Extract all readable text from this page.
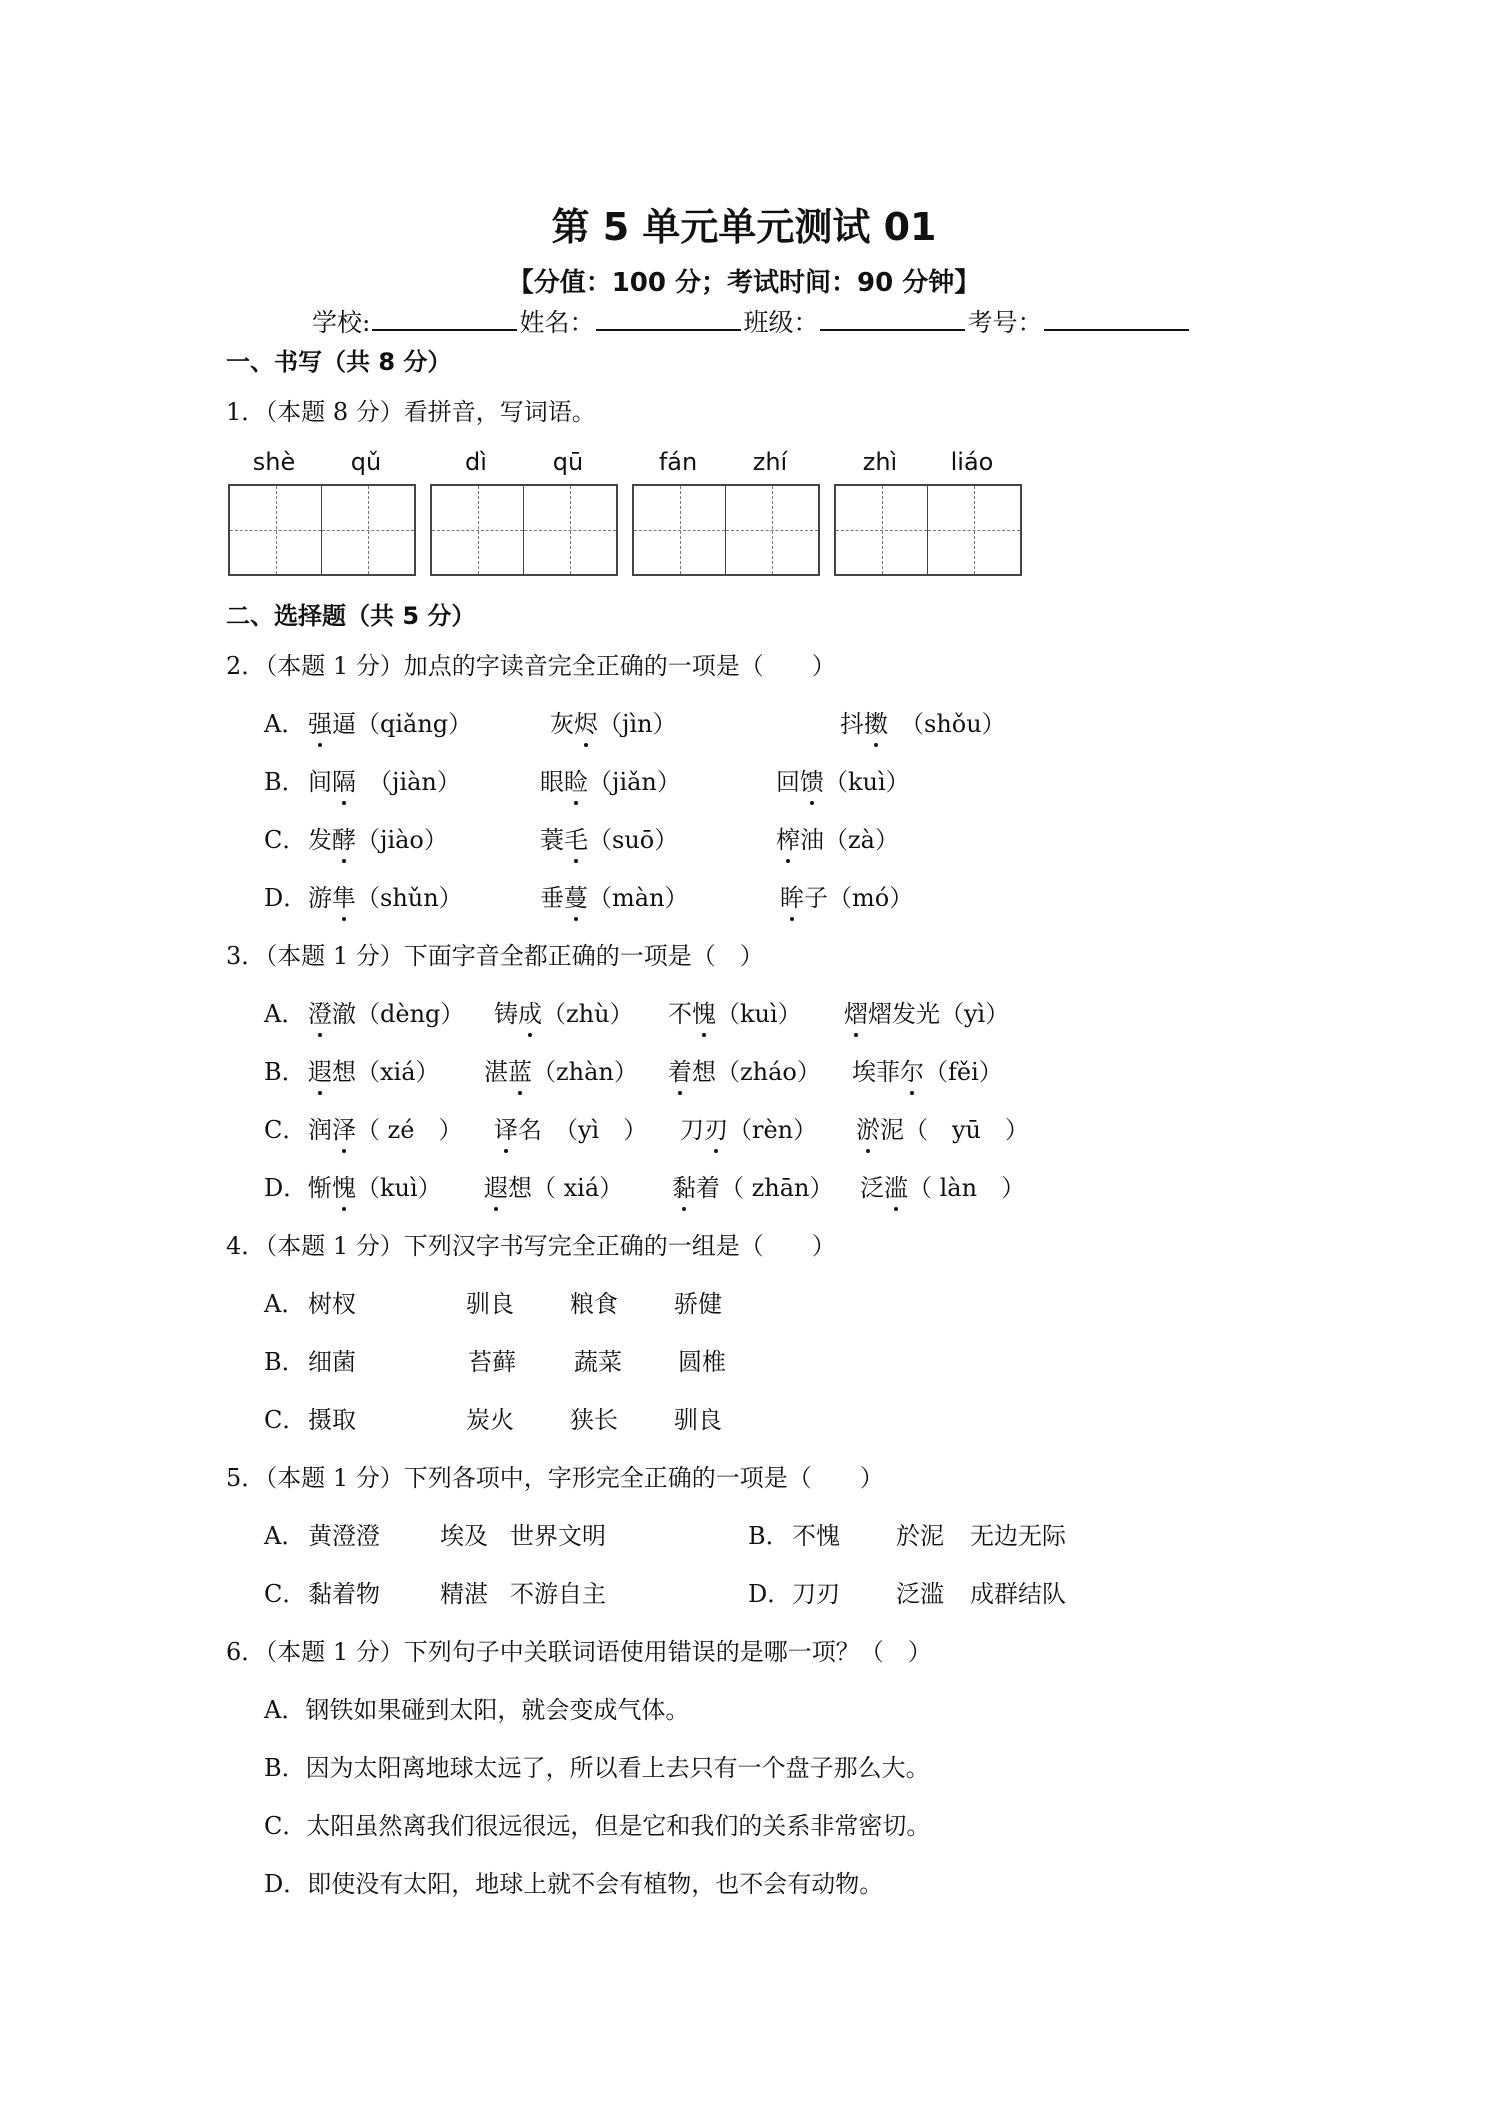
第 5 单元单元测试 01
【分值：100 分；考试时间：90 分钟】
学校:	姓名：	班级：	考号：
一、书写（共 8 分）
1．（本题 8 分）看拼音，写词语。
shè	qǔ	dì	qū	fán	zhí	zhì	liáo
二、选择题（共 5 分）
2．（本题 1 分）加点的字读音完全正确的一项是（　　）
A． 强逼（qiǎng）	灰烬（jìn）	抖擞　（shǒu）
B． 间隔　（jiàn）	眼睑（jiǎn）	回馈（kuì）
C． 发酵（jiào）	蓑毛（suō）	榨油（zà）
D． 游隼（shǔn）	垂蔓（màn）	眸子（mó）
3．（本题 1 分）下面字音全都正确的一项是（　）
A． 澄澈（dèng） 铸成（zhù） 不愧（kuì） 熠熠发光（yì）
B． 遐想（xiá） 湛蓝（zhàn） 着想（zháo） 埃菲尔（fěi）
C． 润泽（ zé　） 译名　（yì　） 刀刃（rèn） 淤泥（　yū　）
D． 惭愧（kuì） 遐想（ xiá） 黏着（ zhān） 泛滥（ làn　）
4．（本题 1 分）下列汉字书写完全正确的一组是（　　）
A． 树杈	驯良 粮食 骄健
B． 细菌	苔藓 蔬菜 圆椎
C． 摄取	炭火 狭长 驯良
5．（本题 1 分）下列各项中，字形完全正确的一项是（　　）
A． 黄澄澄	埃及 世界文明	B． 不愧 於泥 无边无际
C． 黏着物	精湛 不游自主	D． 刀刃 泛滥 成群结队
6．（本题 1 分）下列句子中关联词语使用错误的是哪一项？（　）
A．钢铁如果碰到太阳，就会变成气体。
B．因为太阳离地球太远了，所以看上去只有一个盘子那么大。
C．太阳虽然离我们很远很远，但是它和我们的关系非常密切。
D．即使没有太阳，地球上就不会有植物，也不会有动物。
